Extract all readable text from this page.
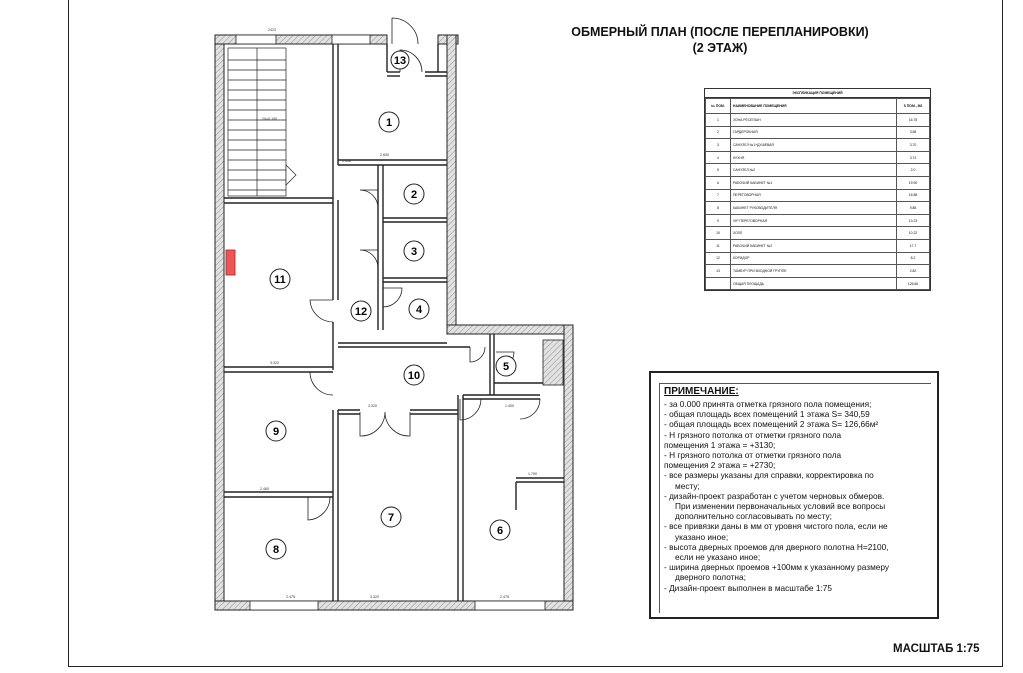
ОБМЕРНЫЙ ПЛАН (ПОСЛЕ ПЕРЕПЛАНИРОВКИ)
(2 ЭТАЖ)
20=0.150	1
2
3
4
5
6
7
8
9
10
11
12
13
2423
2.600
1.658
3.320
2.460
3.320
3.320
2.475	2.475
1.400
1.790
ЭКСПЛИКАЦИЯ ПОМЕЩЕНИЙ
№ ПОМ.	НАИМЕНОВАНИЕ ПОМЕЩЕНИЯ	S ПОМ., М2
1	ЗОНА РЕСЕПШН	16.78
2	ГАРДЕРОБНАЯ	3.58
3	САНУЗЕЛ №1+ДУШЕВАЯ	3.70
4	КУХНЯ	3.74
5	САНУЗЕЛ №2	2.0
6	РАБОЧИЙ КАБИНЕТ №1	19.90
7	ПЕРЕГОВОРНАЯ	16.88
8	КАБИНЕТ РУКОВОДИТЕЛЯ	9.88
9	VIP ПЕРЕГОВОРНАЯ	13.23
10	ХОЛЛ	10.22
11	РАБОЧИЙ КАБИНЕТ №2	17.7
12	КОРИДОР	8.2
13	ТАМБУР ПРИ ВХОДНОЙ ГРУППЕ	2.82
	ОБЩАЯ ПЛОЩАДЬ	126.66
ПРИМЕЧАНИЕ:
- за 0.000 принята отметка грязного пола помещения;
- общая площадь всех помещений 1 этажа S= 340,59
- общая площадь всех помещений 2 этажа S= 126,66м²
- Н грязного потолка от отметки грязного пола
помещения 1 этажа = +3130;
- Н грязного потолка от отметки грязного пола
помещения 2 этажа = +2730;
- все размеры указаны для справки, корректировка по
месту;
- дизайн-проект разработан с учетом черновых обмеров.
При изменении первоначальных условий все вопросы
дополнительно согласовывать по месту;
- все привязки даны в мм от уровня чистого пола, если не
указано иное;
- высота дверных проемов для дверного полотна Н=2100,
если не указано иное;
- ширина дверных проемов +100мм к указанному размеру
дверного полотна;
- Дизайн-проект выполнен в масштабе 1:75
МАСШТАБ 1:75
